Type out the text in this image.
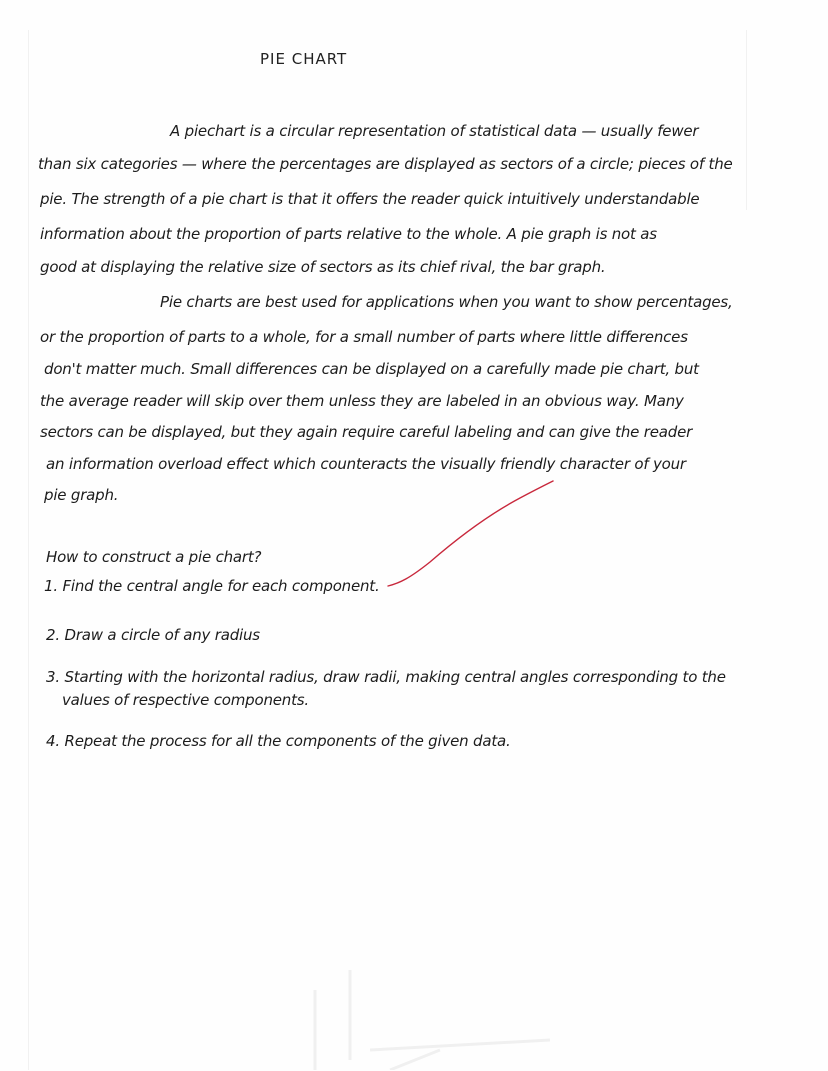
PIE CHART
A piechart is a circular representation of statistical data — usually fewer
than six categories — where the percentages are displayed as sectors of a circle; pieces of the
pie. The strength of a pie chart is that it offers the reader quick intuitively understandable
information about the proportion of parts relative to the whole. A pie graph is not as
good at displaying the relative size of sectors as its chief rival, the bar graph.
Pie charts are best used for applications when you want to show percentages,
or the proportion of parts to a whole, for a small number of parts where little differences
don't matter much. Small differences can be displayed on a carefully made pie chart, but
the average reader will skip over them unless they are labeled in an obvious way. Many
sectors can be displayed, but they again require careful labeling and can give the reader
an information overload effect which counteracts the visually friendly character of your
pie graph.
How to construct a pie chart?
1. Find the central angle for each component.
2. Draw a circle of any radius
3. Starting with the horizontal radius, draw radii, making central angles corresponding to the
values of respective components.
4. Repeat the process for all the components of the given data.
